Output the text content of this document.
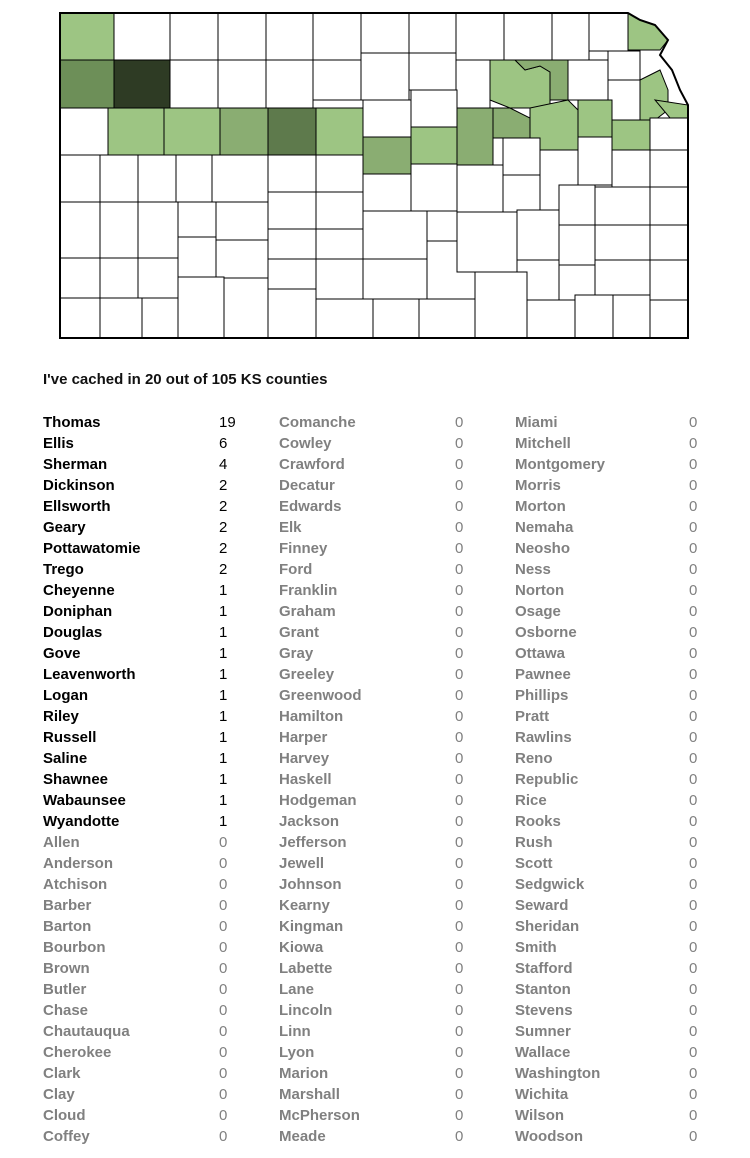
I've cached in 20 out of 105 KS counties
Thomas	19
Ellis	6
Sherman	4
Dickinson	2
Ellsworth	2
Geary	2
Pottawatomie	2
Trego	2
Cheyenne	1
Doniphan	1
Douglas	1
Gove	1
Leavenworth	1
Logan	1
Riley	1
Russell	1
Saline	1
Shawnee	1
Wabaunsee	1
Wyandotte	1
Allen	0
Anderson	0
Atchison	0
Barber	0
Barton	0
Bourbon	0
Brown	0
Butler	0
Chase	0
Chautauqua	0
Cherokee	0
Clark	0
Clay	0
Cloud	0
Coffey	0
Comanche	0
Cowley	0
Crawford	0
Decatur	0
Edwards	0
Elk	0
Finney	0
Ford	0
Franklin	0
Graham	0
Grant	0
Gray	0
Greeley	0
Greenwood	0
Hamilton	0
Harper	0
Harvey	0
Haskell	0
Hodgeman	0
Jackson	0
Jefferson	0
Jewell	0
Johnson	0
Kearny	0
Kingman	0
Kiowa	0
Labette	0
Lane	0
Lincoln	0
Linn	0
Lyon	0
Marion	0
Marshall	0
McPherson	0
Meade	0
Miami	0
Mitchell	0
Montgomery	0
Morris	0
Morton	0
Nemaha	0
Neosho	0
Ness	0
Norton	0
Osage	0
Osborne	0
Ottawa	0
Pawnee	0
Phillips	0
Pratt	0
Rawlins	0
Reno	0
Republic	0
Rice	0
Rooks	0
Rush	0
Scott	0
Sedgwick	0
Seward	0
Sheridan	0
Smith	0
Stafford	0
Stanton	0
Stevens	0
Sumner	0
Wallace	0
Washington	0
Wichita	0
Wilson	0
Woodson	0
